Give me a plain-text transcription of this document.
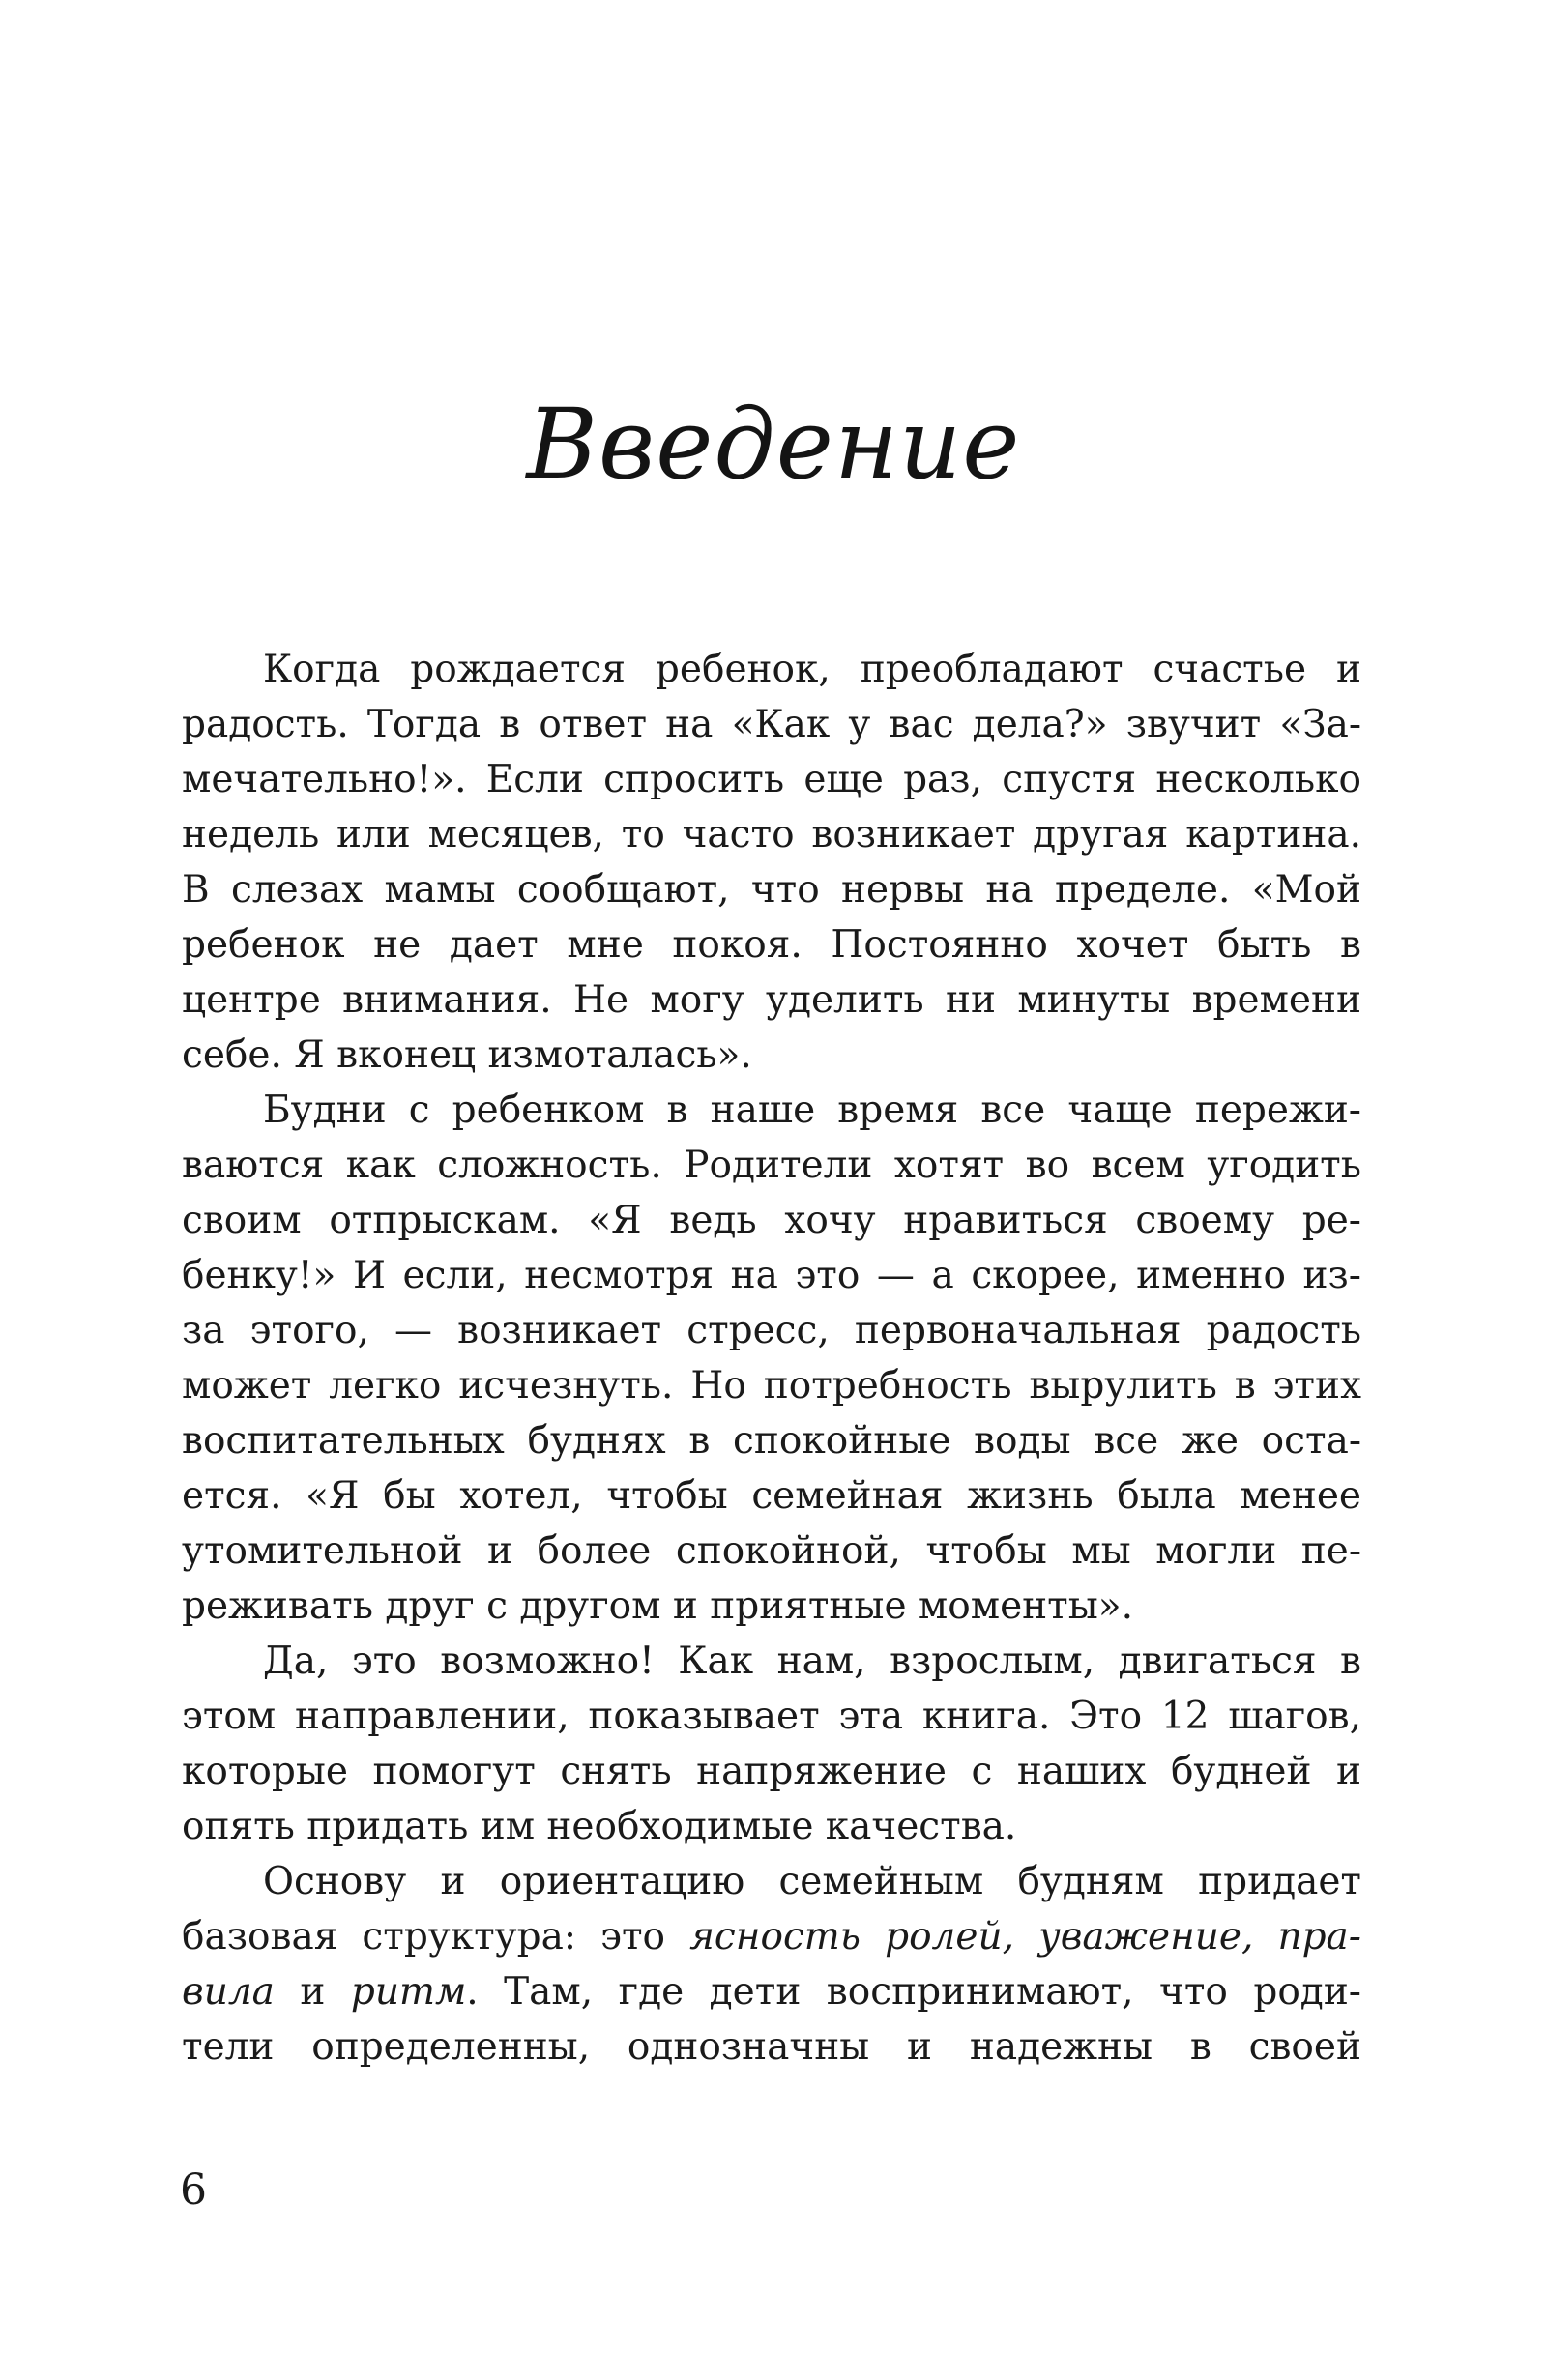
Введение
Когда рождается ребенок, преобладают счастье и
радость. Тогда в ответ на «Как у вас дела?» звучит «За-
мечательно!». Если спросить еще раз, спустя несколько
недель или месяцев, то часто возникает другая картина.
В слезах мамы сообщают, что нервы на пределе. «Мой
ребенок не дает мне покоя. Постоянно хочет быть в
центре внимания. Не могу уделить ни минуты времени
себе. Я вконец измоталась».
Будни с ребенком в наше время все чаще пережи-
ваются как сложность. Родители хотят во всем угодить
своим отпрыскам. «Я ведь хочу нравиться своему ре-
бенку!» И если, несмотря на это — а скорее, именно из-
за этого, — возникает стресс, первоначальная радость
может легко исчезнуть. Но потребность вырулить в этих
воспитательных буднях в спокойные воды все же оста-
ется. «Я бы хотел, чтобы семейная жизнь была менее
утомительной и более спокойной, чтобы мы могли пе-
реживать друг с другом и приятные моменты».
Да, это возможно! Как нам, взрослым, двигаться в
этом направлении, показывает эта книга. Это 12 шагов,
которые помогут снять напряжение с наших будней и
опять придать им необходимые качества.
Основу и ориентацию семейным будням придает
базовая структура: это ясность ролей, уважение, пра-
вила и ритм. Там, где дети воспринимают, что роди-
тели определенны, однозначны и надежны в своей
6
